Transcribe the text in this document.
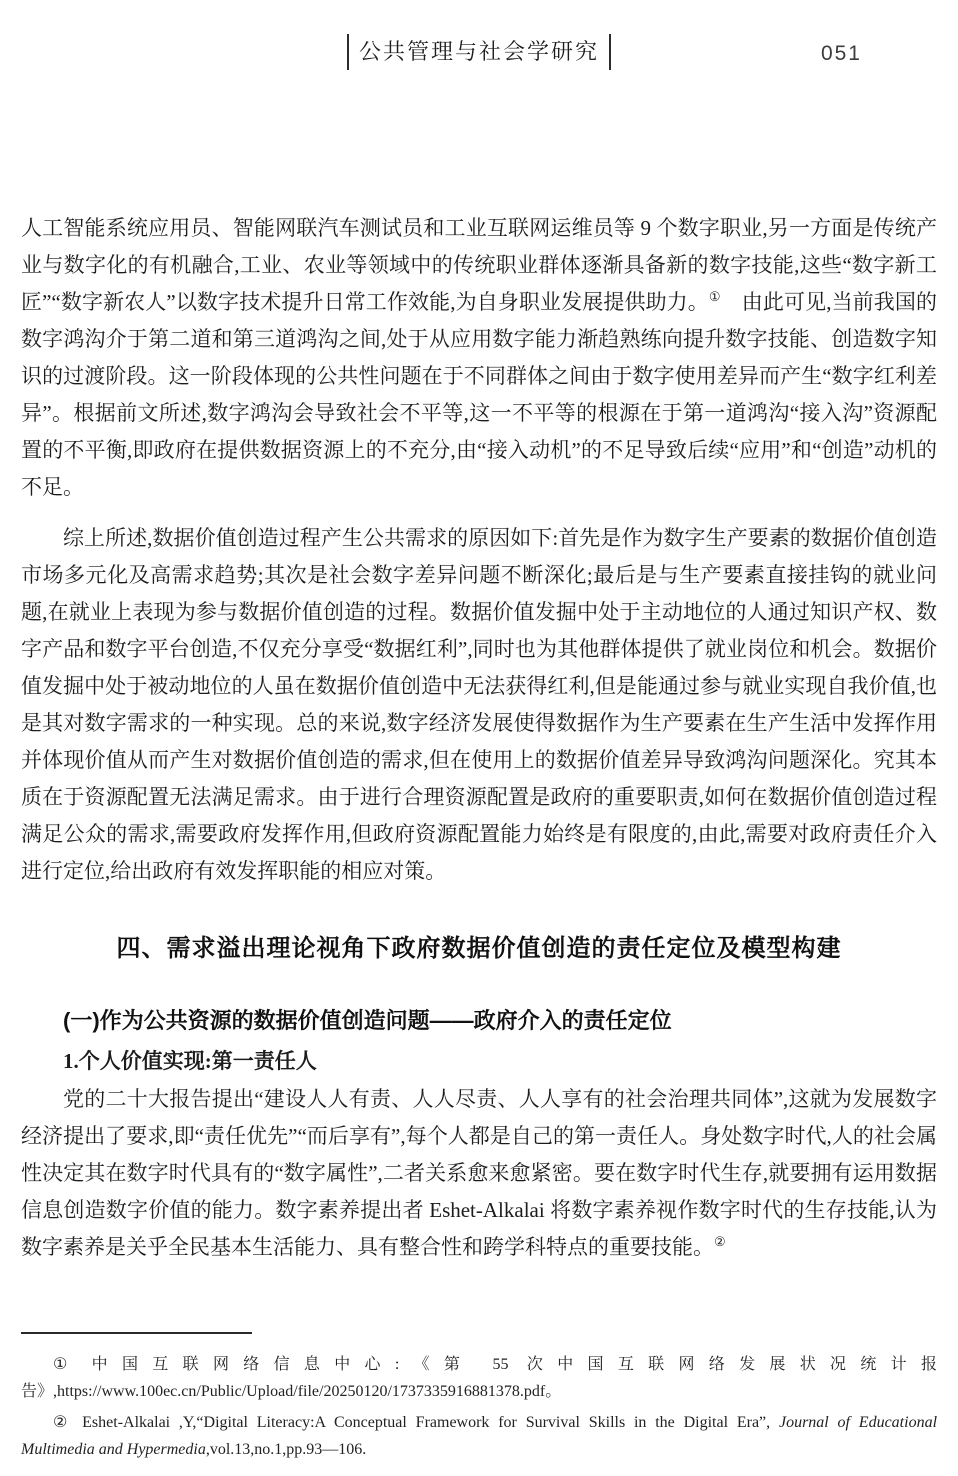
公共管理与社会学研究	051

人工智能系统应用员、智能网联汽车测试员和工业互联网运维员等 9 个数字职业,另一方面是传统产业与数字化的有机融合,工业、农业等领域中的传统职业群体逐渐具备新的数字技能,这些“数字新工匠”“数字新农人”以数字技术提升日常工作效能,为自身职业发展提供助力。①　由此可见,当前我国的数字鸿沟介于第二道和第三道鸿沟之间,处于从应用数字能力渐趋熟练向提升数字技能、创造数字知识的过渡阶段。这一阶段体现的公共性问题在于不同群体之间由于数字使用差异而产生“数字红利差异”。根据前文所述,数字鸿沟会导致社会不平等,这一不平等的根源在于第一道鸿沟“接入沟”资源配置的不平衡,即政府在提供数据资源上的不充分,由“接入动机”的不足导致后续“应用”和“创造”动机的不足。

综上所述,数据价值创造过程产生公共需求的原因如下:首先是作为数字生产要素的数据价值创造市场多元化及高需求趋势;其次是社会数字差异问题不断深化;最后是与生产要素直接挂钩的就业问题,在就业上表现为参与数据价值创造的过程。数据价值发掘中处于主动地位的人通过知识产权、数字产品和数字平台创造,不仅充分享受“数据红利”,同时也为其他群体提供了就业岗位和机会。数据价值发掘中处于被动地位的人虽在数据价值创造中无法获得红利,但是能通过参与就业实现自我价值,也是其对数字需求的一种实现。总的来说,数字经济发展使得数据作为生产要素在生产生活中发挥作用并体现价值从而产生对数据价值创造的需求,但在使用上的数据价值差异导致鸿沟问题深化。究其本质在于资源配置无法满足需求。由于进行合理资源配置是政府的重要职责,如何在数据价值创造过程满足公众的需求,需要政府发挥作用,但政府资源配置能力始终是有限度的,由此,需要对政府责任介入进行定位,给出政府有效发挥职能的相应对策。

四、需求溢出理论视角下政府数据价值创造的责任定位及模型构建
(一)作为公共资源的数据价值创造问题——政府介入的责任定位
1.个人价值实现:第一责任人

党的二十大报告提出“建设人人有责、人人尽责、人人享有的社会治理共同体”,这就为发展数字经济提出了要求,即“责任优先”“而后享有”,每个人都是自己的第一责任人。身处数字时代,人的社会属性决定其在数字时代具有的“数字属性”,二者关系愈来愈紧密。要在数字时代生存,就要拥有运用数据信息创造数字价值的能力。数字素养提出者 Eshet-Alkalai 将数字素养视作数字时代的生存技能,认为数字素养是关乎全民基本生活能力、具有整合性和跨学科特点的重要技能。②

① 中国互联网络信息中心:《第 55 次中国互联网络发展状况统计报告》,https://www.100ec.cn/Public/Upload/file/20250120/1737335916881378.pdf。

② Eshet-Alkalai ,Y,“Digital Literacy:A Conceptual Framework for Survival Skills in the Digital Era”, Journal of Educational Multimedia and Hypermedia,vol.13,no.1,pp.93—106.
